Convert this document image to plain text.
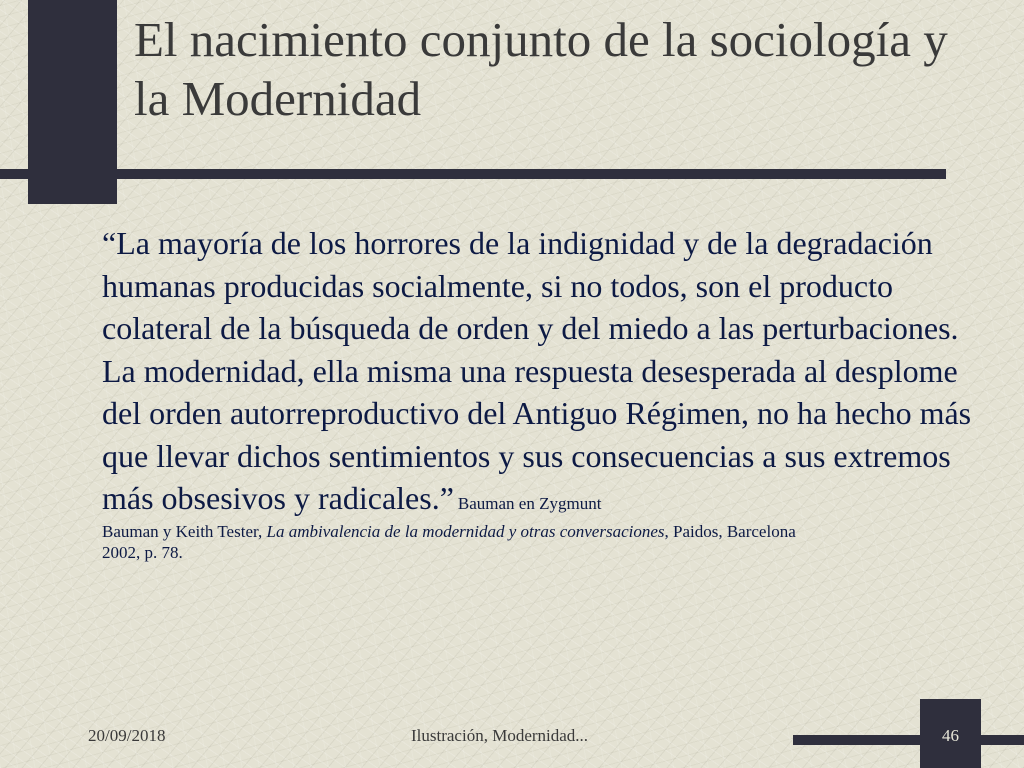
El nacimiento conjunto de la sociología y la Modernidad
“La mayoría de los horrores de la indignidad y de la degradación humanas producidas socialmente, si no todos, son el producto colateral de la búsqueda de orden y del miedo a las perturbaciones. La modernidad, ella misma una respuesta desesperada al desplome del orden autorreproductivo del Antiguo Régimen, no ha hecho más que llevar dichos sentimientos y sus consecuencias a sus extremos más obsesivos y radicales.” Bauman en Zygmunt
Bauman y Keith Tester, La ambivalencia de la modernidad y otras conversaciones, Paidos, Barcelona
2002, p. 78.
20/09/2018	Ilustración, Modernidad...	46
